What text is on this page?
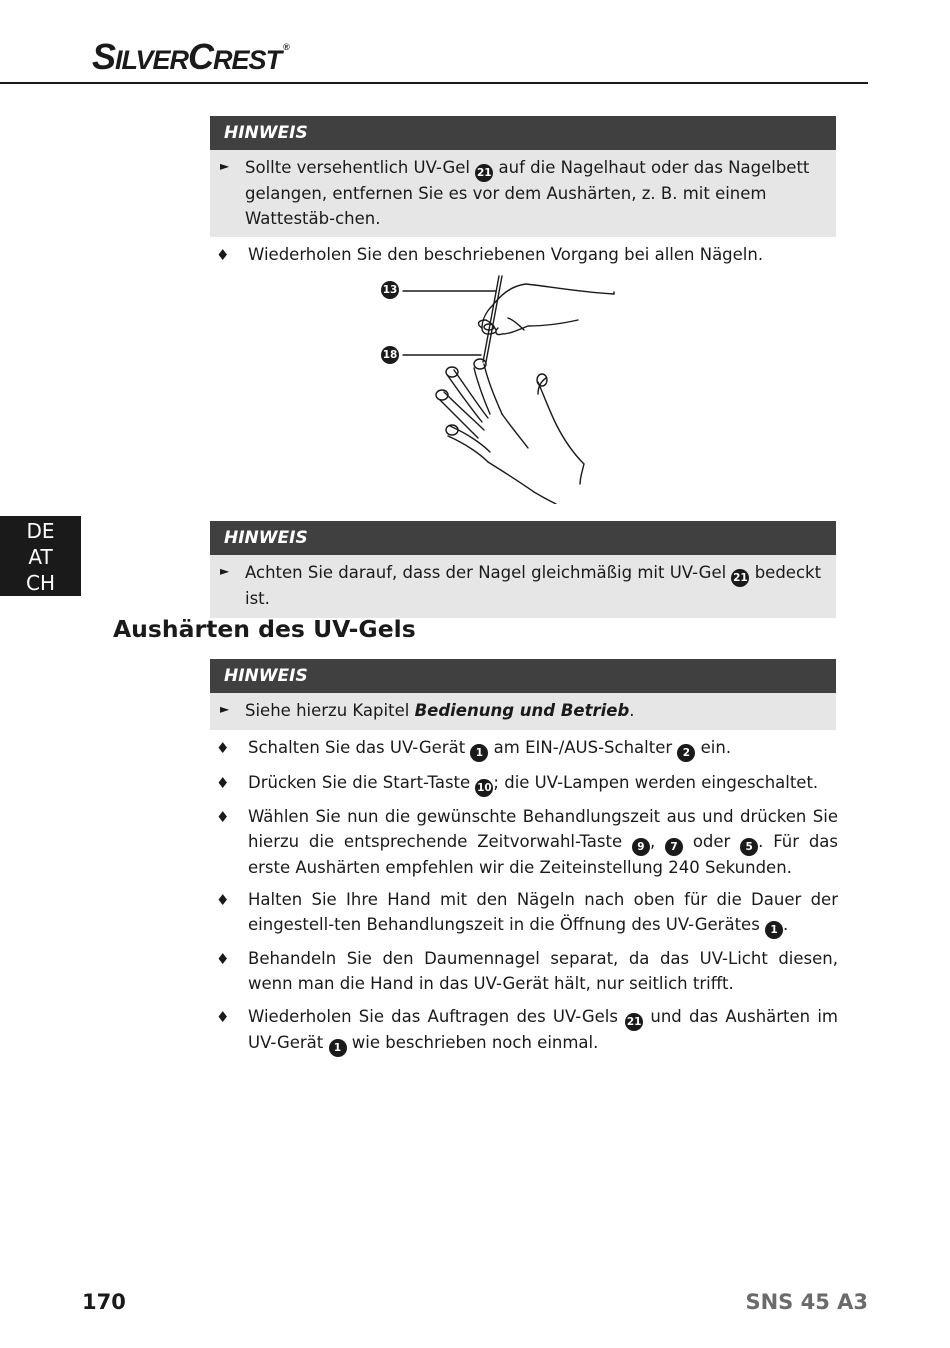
SILVERCREST ®
DE
AT
CH
HINWEIS
► Sollte versehentlich UV-Gel 21 auf die Nagelhaut oder das Nagelbett gelangen, entfernen Sie es vor dem Aushärten, z. B. mit einem Wattestäb-chen.
♦ Wiederholen Sie den beschriebenen Vorgang bei allen Nägeln.
13
18
HINWEIS
► Achten Sie darauf, dass der Nagel gleichmäßig mit UV-Gel 21 bedeckt ist.
Aushärten des UV-Gels
HINWEIS
► Siehe hierzu Kapitel Bedienung und Betrieb.
♦ Schalten Sie das UV-Gerät 1 am EIN-/AUS-Schalter 2 ein.
♦ Drücken Sie die Start-Taste 10 ; die UV-Lampen werden eingeschaltet.
♦ Wählen Sie nun die gewünschte Behandlungszeit aus und drücken Sie hierzu die entsprechende Zeitvorwahl-Taste 9 , 7 oder 5 . Für das erste Aushärten empfehlen wir die Zeiteinstellung 240 Sekunden.
♦ Halten Sie Ihre Hand mit den Nägeln nach oben für die Dauer der eingestell-ten Behandlungszeit in die Öffnung des UV-Gerätes 1 .
♦ Behandeln Sie den Daumennagel separat, da das UV-Licht diesen, wenn man die Hand in das UV-Gerät hält, nur seitlich trifft.
♦ Wiederholen Sie das Auftragen des UV-Gels 21 und das Aushärten im UV-Gerät 1 wie beschrieben noch einmal.
170	SNS 45 A3
